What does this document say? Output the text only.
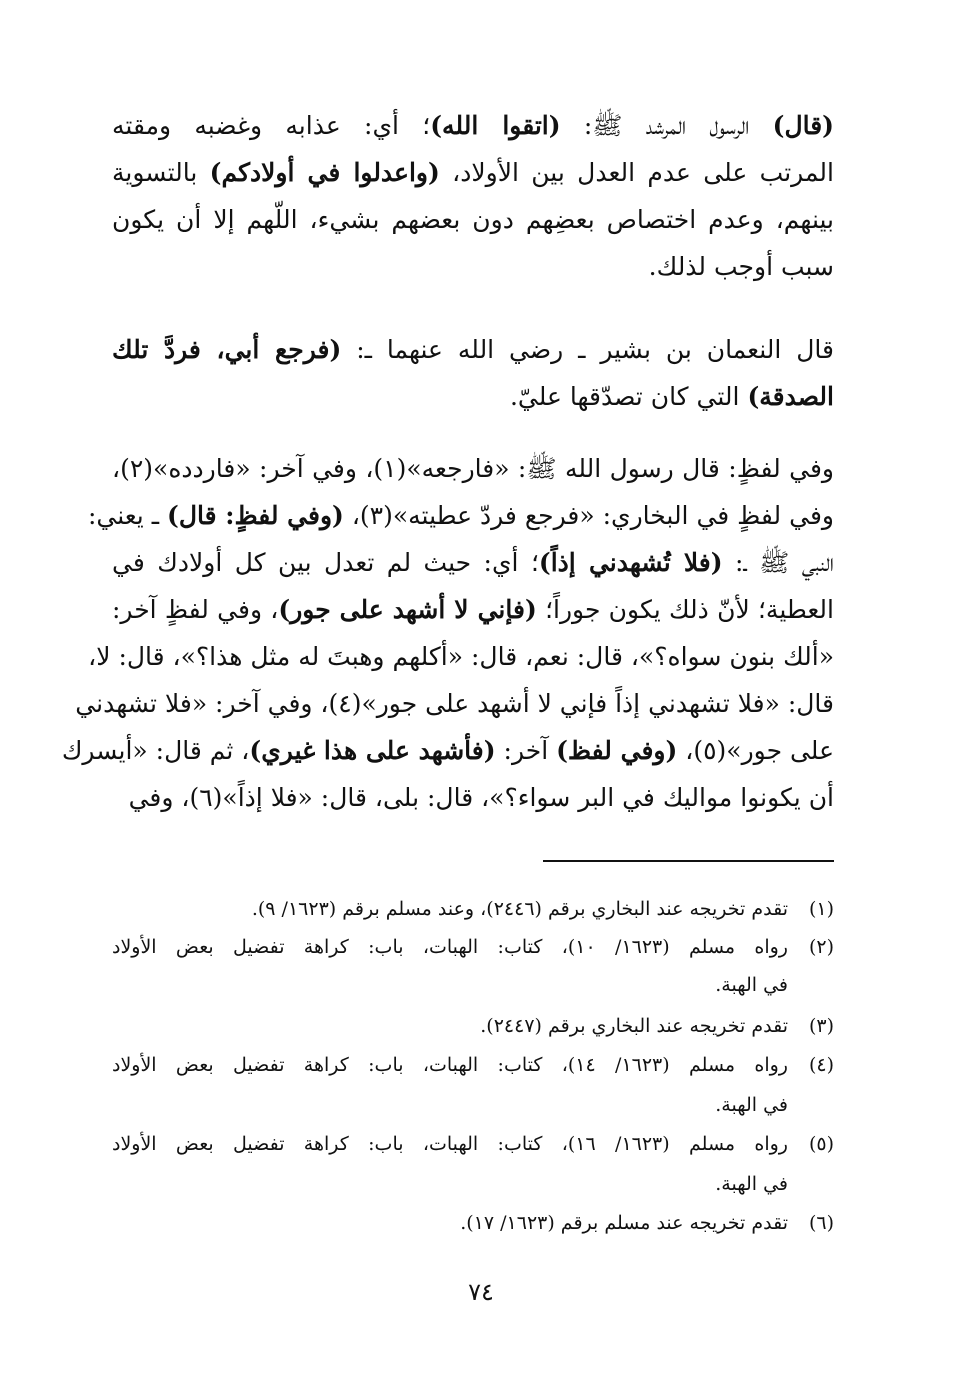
(قال) الرسول المرشد ﷺ: (اتقوا الله)؛ أي: عذابه وغضبه ومقته
المرتب على عدم العدل بين الأولاد، (واعدلوا في أولادكم) بالتسوية
بينهم، وعدم اختصاص بعضِهم دون بعضهم بشيء، اللّهم إلا أن يكون
سبب أوجب لذلك.
قال النعمان بن بشير ـ رضي الله عنهما ـ: (فرجع أبي، فردَّ تلك
الصدقة) التي كان تصدّقها عليّ.
وفي لفظٍ: قال رسول الله ﷺ: «فارجعه»(١)، وفي آخر: «فاردده»(٢)،
وفي لفظٍ في البخاري: «فرجع فردّ عطيته»(٣)، (وفي لفظٍ: قال) ـ يعني:
النبي ﷺ ـ: (فلا تُشهدني إذاً)؛ أي: حيث لم تعدل بين كل أولادك في
العطية؛ لأنّ ذلك يكون جوراً؛ (فإني لا أشهد على جور)، وفي لفظٍ آخر:
«ألك بنون سواه؟»، قال: نعم، قال: «أكلهم وهبتَ له مثل هذا؟»، قال: لا،
قال: «فلا تشهدني إذاً فإني لا أشهد على جور»(٤)، وفي آخر: «فلا تشهدني
على جور»(٥)، (وفي لفظ) آخر: (فأشهد على هذا غيري)، ثم قال: «أيسرك
أن يكونوا مواليك في البر سواء؟»، قال: بلى، قال: «فلا إذاً»(٦)، وفي
(١)
تقدم تخريجه عند البخاري برقم (٢٤٤٦)، وعند مسلم برقم (١٦٢٣/ ٩).
(٢)
رواه مسلم (١٦٢٣/ ١٠)، كتاب: الهبات، باب: كراهة تفضيل بعض الأولاد
في الهبة.
(٣)
تقدم تخريجه عند البخاري برقم (٢٤٤٧).
(٤)
رواه مسلم (١٦٢٣/ ١٤)، كتاب: الهبات، باب: كراهة تفضيل بعض الأولاد
في الهبة.
(٥)
رواه مسلم (١٦٢٣/ ١٦)، كتاب: الهبات، باب: كراهة تفضيل بعض الأولاد
في الهبة.
(٦)
تقدم تخريجه عند مسلم برقم (١٦٢٣/ ١٧).
٧٤
